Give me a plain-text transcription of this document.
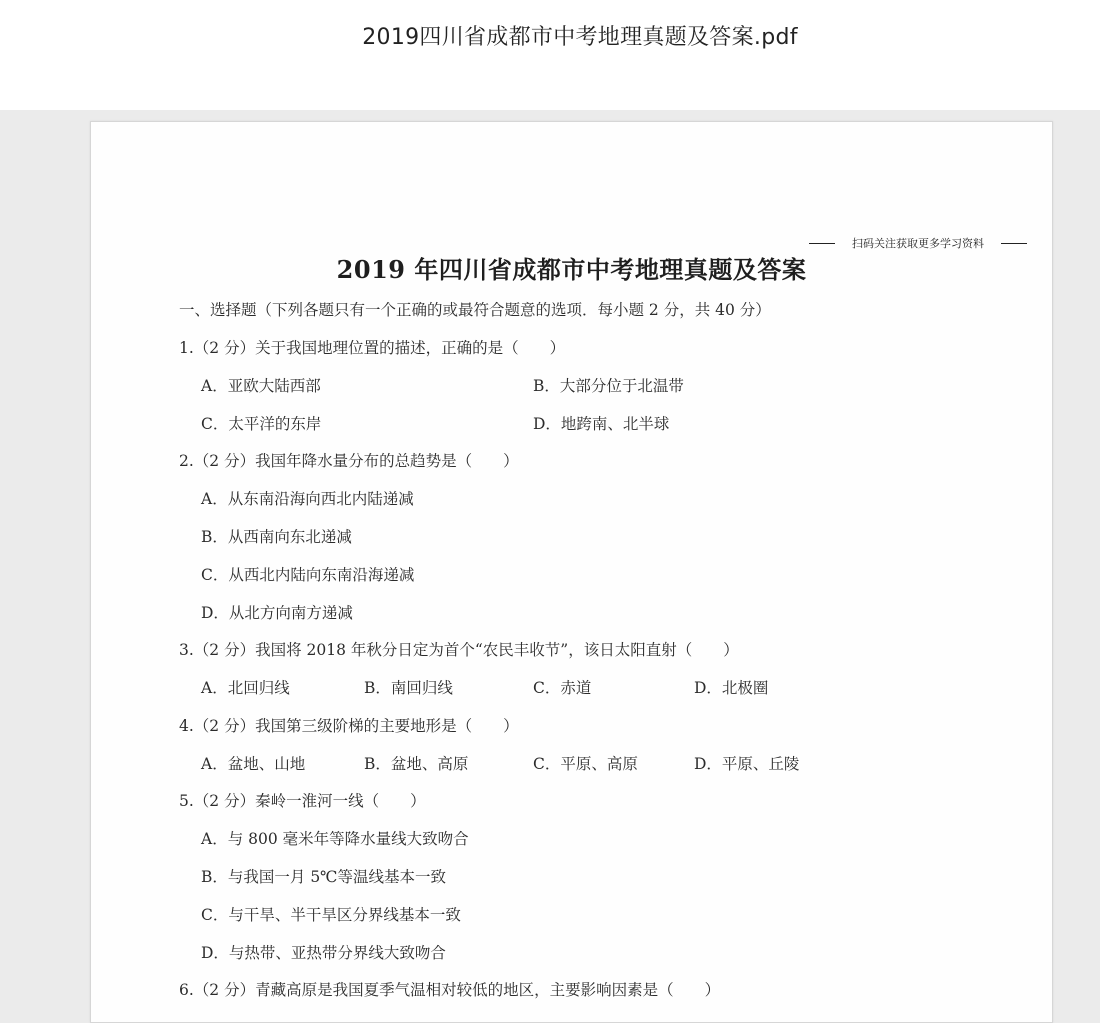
2019四川省成都市中考地理真题及答案.pdf
扫码关注获取更多学习资料
2019 年四川省成都市中考地理真题及答案
一、选择题（下列各题只有一个正确的或最符合题意的选项．每小题 2 分，共 40 分）
1.（2 分）关于我国地理位置的描述，正确的是（　　）
A．亚欧大陆西部	B．大部分位于北温带
C．太平洋的东岸	D．地跨南、北半球
2.（2 分）我国年降水量分布的总趋势是（　　）
A．从东南沿海向西北内陆递减
B．从西南向东北递减
C．从西北内陆向东南沿海递减
D．从北方向南方递减
3.（2 分）我国将 2018 年秋分日定为首个“农民丰收节”，该日太阳直射（　　）
A．北回归线	B．南回归线	C．赤道	D．北极圈
4.（2 分）我国第三级阶梯的主要地形是（　　）
A．盆地、山地	B．盆地、高原	C．平原、高原	D．平原、丘陵
5.（2 分）秦岭一淮河一线（　　）
A．与 800 毫米年等降水量线大致吻合
B．与我国一月 5℃等温线基本一致
C．与干旱、半干旱区分界线基本一致
D．与热带、亚热带分界线大致吻合
6.（2 分）青藏高原是我国夏季气温相对较低的地区，主要影响因素是（　　）
